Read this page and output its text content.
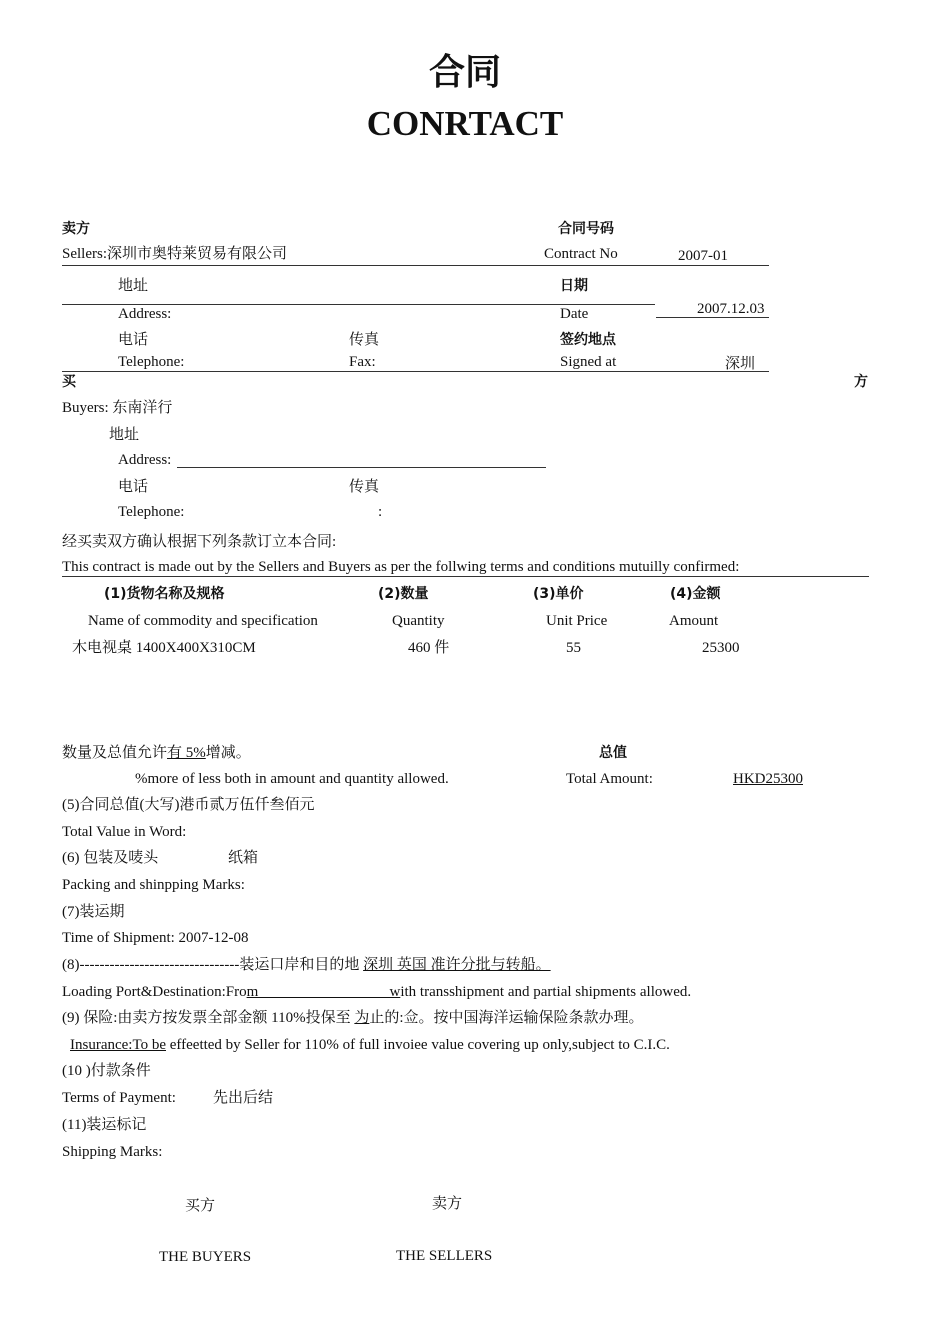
合同
CONRTACT
卖方
Sellers:深圳市奥特莱贸易有限公司
合同号码
Contract No	2007-01
地址
Address:
日期
Date	2007.12.03
电话
Telephone:
传真
Fax:
签约地点
Signed at	深圳
买	方
Buyers: 东南洋行
地址
Address:
电话	传真
Telephone:	:
经买卖双方确认根据下列条款订立本合同:
This contract is made out by the Sellers and Buyers as per the follwing terms and conditions mutuilly confirmed:
(1)货物名称及规格	(2)数量	(3)单价	(4)金额
Name of commodity and specification	Quantity	Unit Price	Amount
木电视桌 1400X400X310CM	460 件	55	25300
数量及总值允许有 5%增减。
%more of less both in amount and quantity allowed.
总值
Total Amount:	HKD25300
(5)合同总值(大写)港币贰万伍仟叁佰元
Total Value in Word:
(6) 包装及唛头	纸箱
Packing and shinpping Marks:
(7)装运期
Time of Shipment: 2007-12-08
(8)--------------------------------装运口岸和目的地 深圳 英国 准许分批与转船。
Loading Port&Destination:From                                   with transshipment and partial shipments allowed.
(9) 保险:由卖方按发票全部金额 110%投保至 为止的:佥。按中国海洋运输保险条款办理。
Insurance:To be effeetted by Seller for 110% of full invoiee value covering up only,subject to C.I.C.
(10 )付款条件
Terms of Payment: 先出后结
(11)装运标记
Shipping Marks:
买方	卖方
THE BUYERS	THE SELLERS
